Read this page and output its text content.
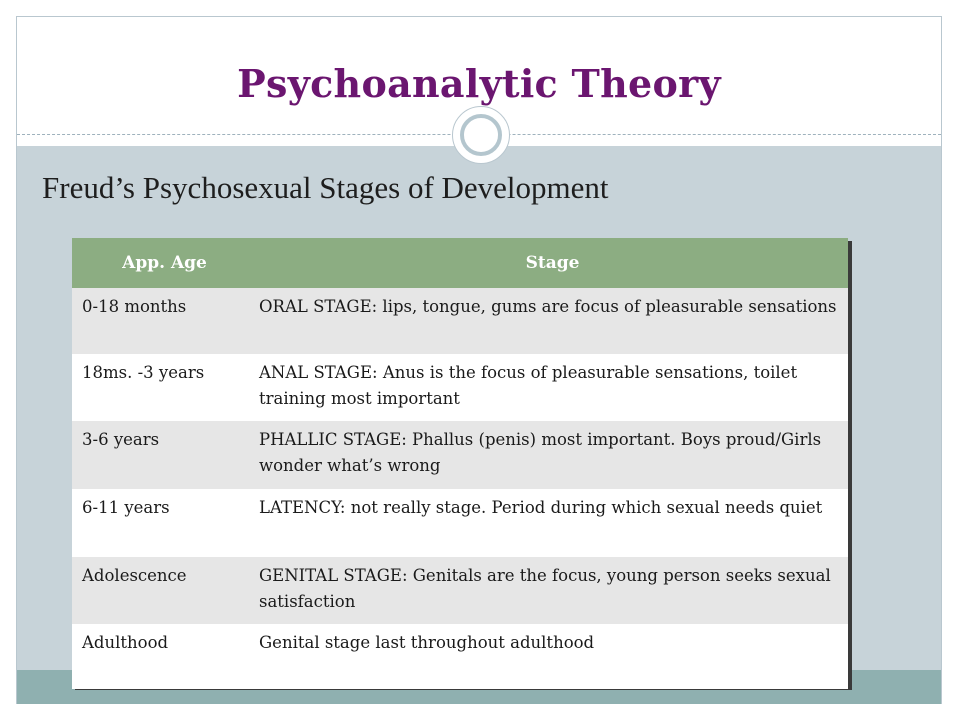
Psychoanalytic Theory
Freud’s Psychosexual Stages of Development
App. Age	Stage
0-18 months	ORAL STAGE: lips, tongue, gums are focus of pleasurable sensations
18ms. -3 years	ANAL STAGE: Anus is the focus of pleasurable sensations, toilet training most important
3-6 years	PHALLIC STAGE: Phallus (penis) most important. Boys proud/Girls wonder what’s wrong
6-11 years	LATENCY: not really stage. Period during which sexual needs quiet
Adolescence	GENITAL STAGE: Genitals are the focus, young person seeks sexual satisfaction
Adulthood	Genital stage last throughout adulthood
